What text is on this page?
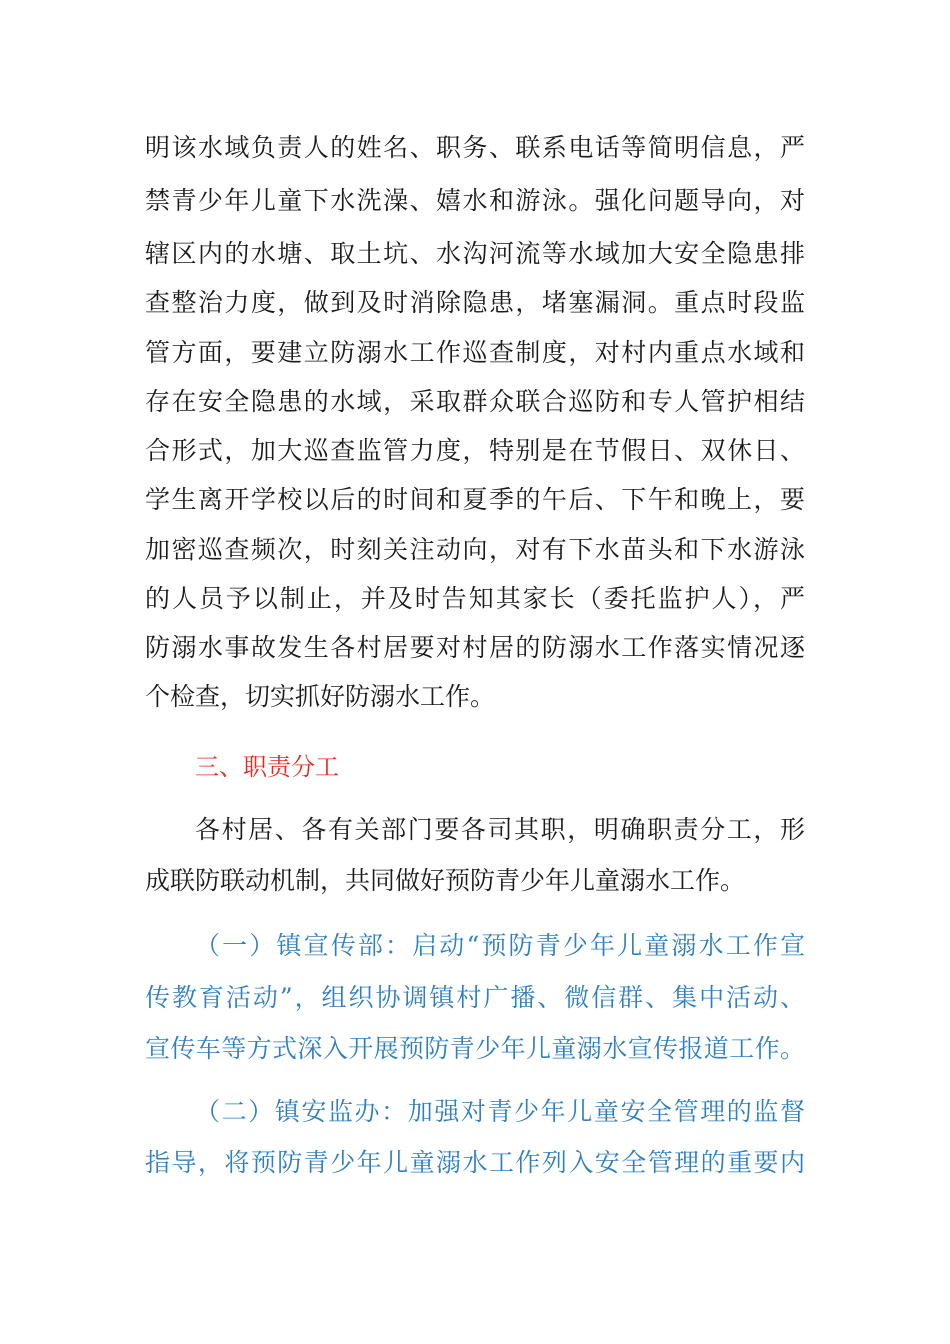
明该水域负责人的姓名、职务、联系电话等简明信息，严
禁青少年儿童下水洗澡、嬉水和游泳。强化问题导向，对
辖区内的水塘、取土坑、水沟河流等水域加大安全隐患排
查整治力度，做到及时消除隐患，堵塞漏洞。重点时段监
管方面，要建立防溺水工作巡查制度，对村内重点水域和
存在安全隐患的水域，采取群众联合巡防和专人管护相结
合形式，加大巡查监管力度，特别是在节假日、双休日、
学生离开学校以后的时间和夏季的午后、下午和晚上，要
加密巡查频次，时刻关注动向，对有下水苗头和下水游泳
的人员予以制止，并及时告知其家长（委托监护人），严
防溺水事故发生各村居要对村居的防溺水工作落实情况逐
个检查，切实抓好防溺水工作。
三、职责分工
各村居、各有关部门要各司其职，明确职责分工，形
成联防联动机制，共同做好预防青少年儿童溺水工作。
（一）镇宣传部：启动“预防青少年儿童溺水工作宣
传教育活动”，组织协调镇村广播、微信群、集中活动、
宣传车等方式深入开展预防青少年儿童溺水宣传报道工作。
（二）镇安监办：加强对青少年儿童安全管理的监督
指导，将预防青少年儿童溺水工作列入安全管理的重要内
